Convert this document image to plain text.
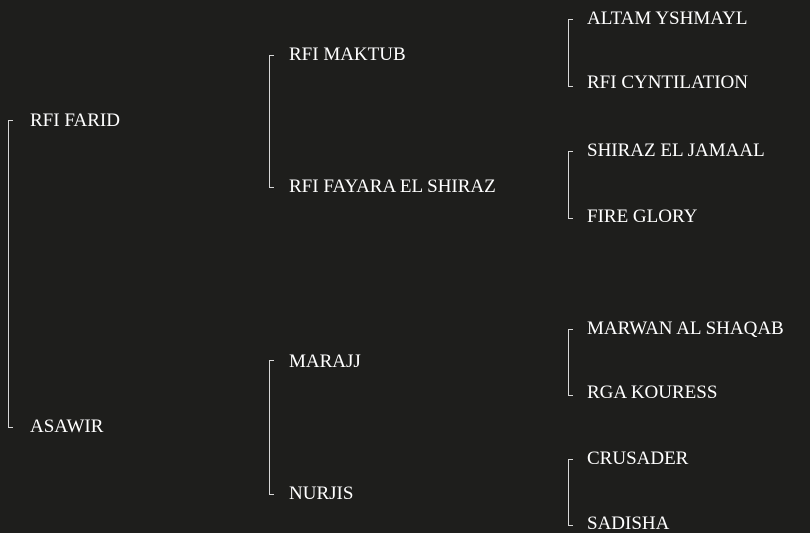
RFI FARID
ASAWIR
RFI MAKTUB
RFI FAYARA EL SHIRAZ
MARAJJ
NURJIS
ALTAM YSHMAYL
RFI CYNTILATION
SHIRAZ EL JAMAAL
FIRE GLORY
MARWAN AL SHAQAB
RGA KOURESS
CRUSADER
SADISHA
